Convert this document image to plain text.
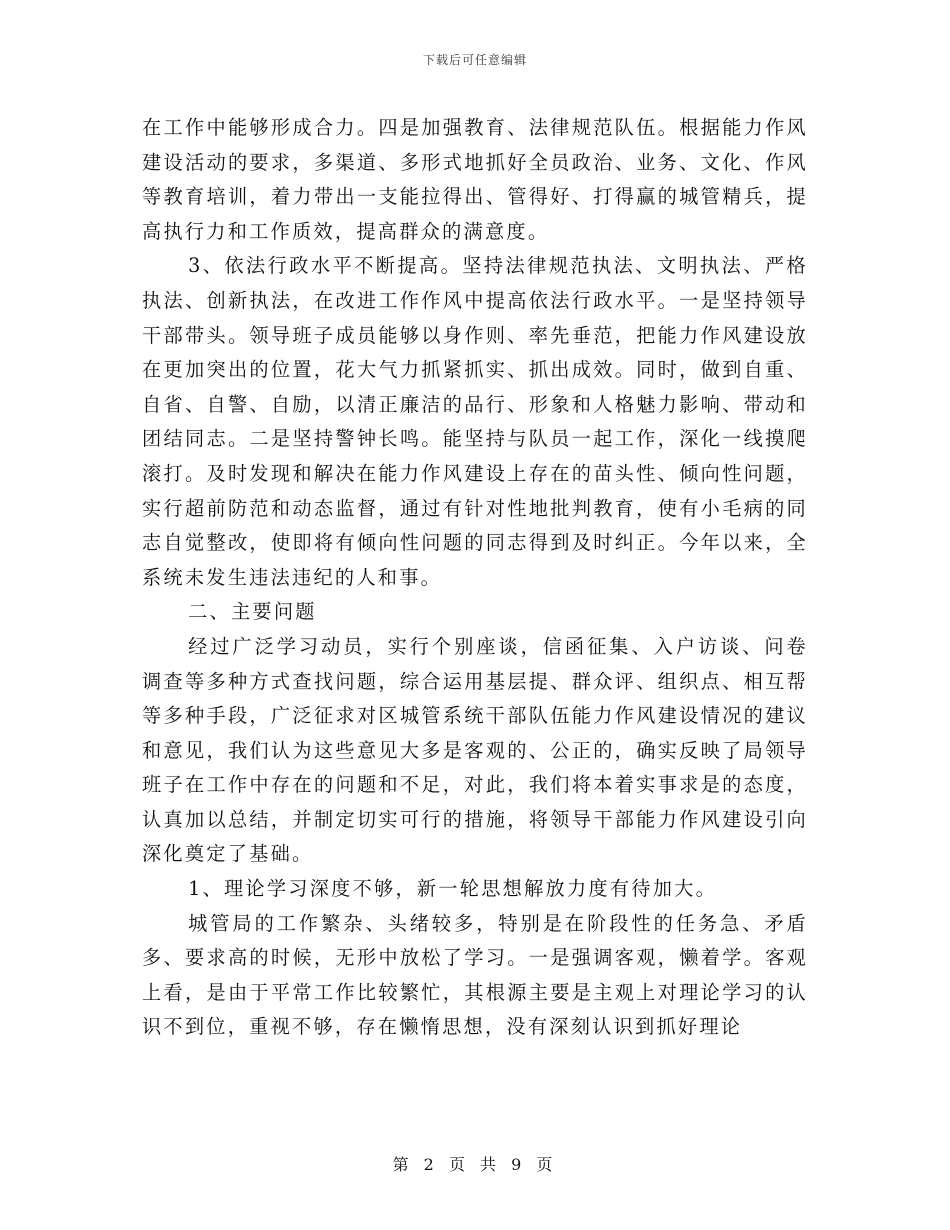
下载后可任意编辑

在工作中能够形成合力。四是加强教育、法律规范队伍。根据能力作风建设活动的要求，多渠道、多形式地抓好全员政治、业务、文化、作风等教育培训，着力带出一支能拉得出、管得好、打得赢的城管精兵，提高执行力和工作质效，提高群众的满意度。

3、依法行政水平不断提高。坚持法律规范执法、文明执法、严格执法、创新执法，在改进工作作风中提高依法行政水平。一是坚持领导干部带头。领导班子成员能够以身作则、率先垂范，把能力作风建设放在更加突出的位置，花大气力抓紧抓实、抓出成效。同时，做到自重、自省、自警、自励，以清正廉洁的品行、形象和人格魅力影响、带动和团结同志。二是坚持警钟长鸣。能坚持与队员一起工作，深化一线摸爬滚打。及时发现和解决在能力作风建设上存在的苗头性、倾向性问题，实行超前防范和动态监督，通过有针对性地批判教育，使有小毛病的同志自觉整改，使即将有倾向性问题的同志得到及时纠正。今年以来，全系统未发生违法违纪的人和事。

二、主要问题

经过广泛学习动员，实行个别座谈，信函征集、入户访谈、问卷调查等多种方式查找问题，综合运用基层提、群众评、组织点、相互帮等多种手段，广泛征求对区城管系统干部队伍能力作风建设情况的建议和意见，我们认为这些意见大多是客观的、公正的，确实反映了局领导班子在工作中存在的问题和不足，对此，我们将本着实事求是的态度，认真加以总结，并制定切实可行的措施，将领导干部能力作风建设引向深化奠定了基础。

1、理论学习深度不够，新一轮思想解放力度有待加大。

城管局的工作繁杂、头绪较多，特别是在阶段性的任务急、矛盾多、要求高的时候，无形中放松了学习。一是强调客观，懒着学。客观上看，是由于平常工作比较繁忙，其根源主要是主观上对理论学习的认识不到位，重视不够，存在懒惰思想，没有深刻认识到抓好理论

第 2 页 共 9 页
